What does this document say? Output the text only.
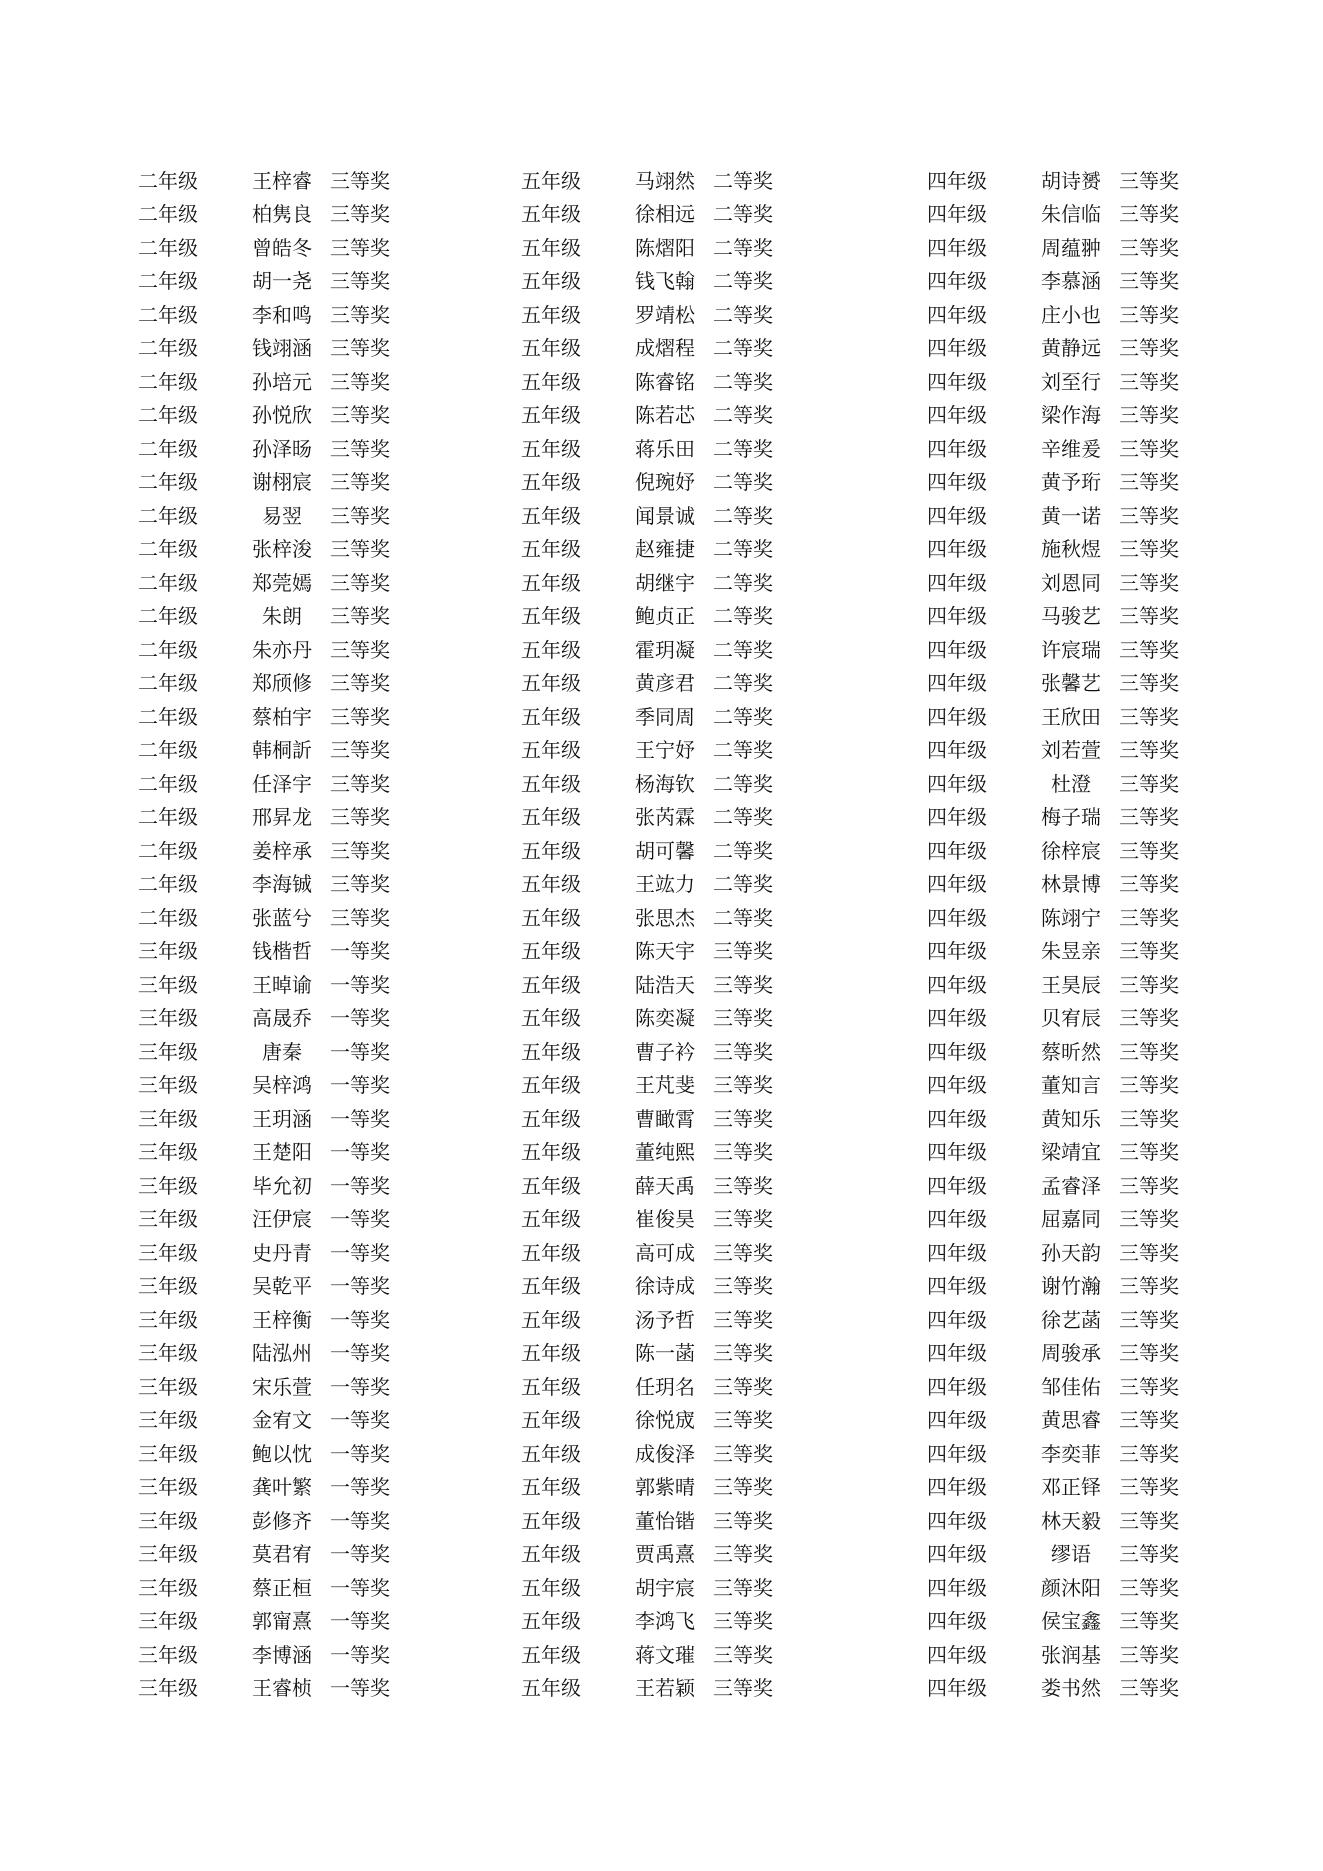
二年级	王梓睿 三等奖
二年级	柏隽良 三等奖
二年级	曾皓冬 三等奖
二年级	胡一尧 三等奖
二年级	李和鸣 三等奖
二年级	钱翊涵 三等奖
二年级	孙培元 三等奖
二年级	孙悦欣 三等奖
二年级	孙泽旸 三等奖
二年级	谢栩宸 三等奖
二年级	易翌	三等奖
二年级	张梓浚 三等奖
二年级	郑莞嫣 三等奖
二年级	朱朗	三等奖
二年级	朱亦丹 三等奖
二年级	郑颀修 三等奖
二年级	蔡柏宇 三等奖
二年级	韩桐訢 三等奖
二年级	任泽宇 三等奖
二年级	邢昇龙 三等奖
二年级	姜梓承 三等奖
二年级	李海铖 三等奖
二年级	张蓝兮 三等奖
三年级	钱楷哲 一等奖
三年级	王晫谕 一等奖
三年级	高晟乔 一等奖
三年级	唐秦	一等奖
三年级	吴梓鸿 一等奖
三年级	王玥涵 一等奖
三年级	王楚阳 一等奖
三年级	毕允初 一等奖
三年级	汪伊宸 一等奖
三年级	史丹青 一等奖
三年级	吴乾平 一等奖
三年级	王梓衡 一等奖
三年级	陆泓州 一等奖
三年级	宋乐萱 一等奖
三年级	金宥文 一等奖
三年级	鲍以忱 一等奖
三年级	龚叶繁 一等奖
三年级	彭修齐 一等奖
三年级	莫君宥 一等奖
三年级	蔡正桓 一等奖
三年级	郭甯熹 一等奖
三年级	李博涵 一等奖
三年级	王睿桢 一等奖
五年级	马翊然 二等奖
五年级	徐相远 二等奖
五年级	陈熠阳 二等奖
五年级	钱飞翰 二等奖
五年级	罗靖松 二等奖
五年级	成熠程 二等奖
五年级	陈睿铭 二等奖
五年级	陈若芯 二等奖
五年级	蒋乐田 二等奖
五年级	倪琬妤 二等奖
五年级	闻景诚 二等奖
五年级	赵雍捷 二等奖
五年级	胡继宇 二等奖
五年级	鲍贞正 二等奖
五年级	霍玥凝 二等奖
五年级	黄彦君 二等奖
五年级	季同周 二等奖
五年级	王宁妤 二等奖
五年级	杨海钦 二等奖
五年级	张芮霖 二等奖
五年级	胡可馨 二等奖
五年级	王竑力 二等奖
五年级	张思杰 二等奖
五年级	陈天宇 三等奖
五年级	陆浩天 三等奖
五年级	陈奕凝 三等奖
五年级	曹子衿 三等奖
五年级	王芃斐 三等奖
五年级	曹瞰霄 三等奖
五年级	董纯熙 三等奖
五年级	薛天禹 三等奖
五年级	崔俊昊 三等奖
五年级	高可成 三等奖
五年级	徐诗成 三等奖
五年级	汤予哲 三等奖
五年级	陈一菡 三等奖
五年级	任玥名 三等奖
五年级	徐悦宬 三等奖
五年级	成俊泽 三等奖
五年级	郭紫晴 三等奖
五年级	董怡锴 三等奖
五年级	贾禹熹 三等奖
五年级	胡宇宸 三等奖
五年级	李鸿飞 三等奖
五年级	蒋文璀 三等奖
五年级	王若颖 三等奖
四年级	胡诗赟 三等奖
四年级	朱信临 三等奖
四年级	周蕴翀 三等奖
四年级	李慕涵 三等奖
四年级	庄小也 三等奖
四年级	黄静远 三等奖
四年级	刘至行 三等奖
四年级	梁作海 三等奖
四年级	辛维爰 三等奖
四年级	黄予珩 三等奖
四年级	黄一诺 三等奖
四年级	施秋煜 三等奖
四年级	刘恩同 三等奖
四年级	马骏艺 三等奖
四年级	许宸瑞 三等奖
四年级	张馨艺 三等奖
四年级	王欣田 三等奖
四年级	刘若萱 三等奖
四年级	杜澄	三等奖
四年级	梅子瑞 三等奖
四年级	徐梓宸 三等奖
四年级	林景博 三等奖
四年级	陈翊宁 三等奖
四年级	朱昱亲 三等奖
四年级	王昊辰 三等奖
四年级	贝宥辰 三等奖
四年级	蔡昕然 三等奖
四年级	董知言 三等奖
四年级	黄知乐 三等奖
四年级	梁靖宜 三等奖
四年级	孟睿泽 三等奖
四年级	屈嘉同 三等奖
四年级	孙天韵 三等奖
四年级	谢竹瀚 三等奖
四年级	徐艺菡 三等奖
四年级	周骏承 三等奖
四年级	邹佳佑 三等奖
四年级	黄思睿 三等奖
四年级	李奕菲 三等奖
四年级	邓正铎 三等奖
四年级	林天毅 三等奖
四年级	缪语	三等奖
四年级	颜沐阳 三等奖
四年级	侯宝鑫 三等奖
四年级	张润基 三等奖
四年级	娄书然 三等奖
